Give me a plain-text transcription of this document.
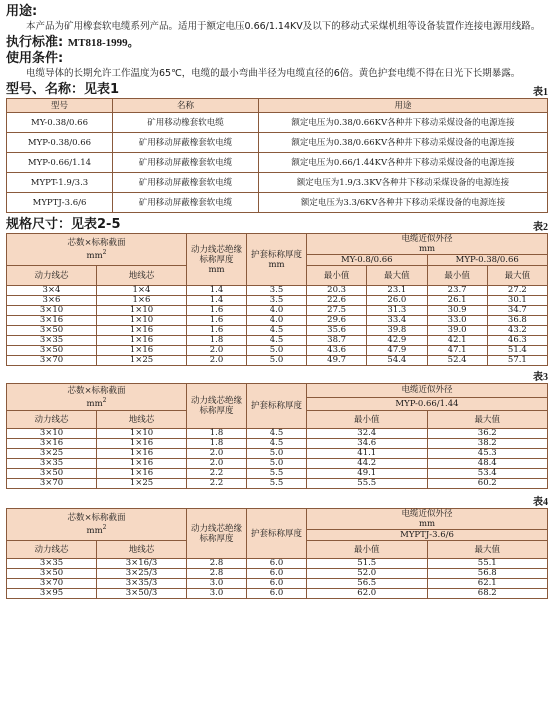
用途:
本产品为矿用橡套软电缆系列产品。适用于额定电压0.66/1.14KV及以下的移动式采煤机组等设备装置作连接电源用线路。
执行标准: MT818-1999。
使用条件:
电缆导体的长期允许工作温度为65℃，电缆的最小弯曲半径为电缆直径的6倍。黄色护套电缆不得在日光下长期暴露。
型号、名称：见表1	表1
型号	名称	用途
MY-0.38/0.66	矿用移动橡套软电缆	额定电压为0.38/0.66KV各种井下移动采煤设备的电源连接
MYP-0.38/0.66	矿用移动屏蔽橡套软电缆	额定电压为0.38/0.66KV各种井下移动采煤设备的电源连接
MYP-0.66/1.14	矿用移动屏蔽橡套软电缆	额定电压为0.66/1.44KV各种井下移动采煤设备的电源连接
MYPT-1.9/3.3	矿用移动屏蔽橡套软电缆	额定电压为1.9/3.3KV各种井下移动采煤设备的电源连接
MYPTJ-3.6/6	矿用移动屏蔽橡套软电缆	额定电压为3.3/6KV各种井下移动采煤设备的电源连接
规格尺寸：见表2-5	表2
芯数×标称截面
$mm^2$		动力线芯绝缘标称厚度
mm	护套标称厚度
mm	电缆近似外径
mm			
				MY-0.8/0.66		MYP-0.38/0.66	
动力线芯	地线芯			最小值	最大值	最小值	最大值
3×4	1×4	1.4	3.5	20.3	23.1	23.7	27.2
3×6	1×6	1.4	3.5	22.6	26.0	26.1	30.1
3×10	1×10	1.6	4.0	27.5	31.3	30.9	34.7
3×16	1×10	1.6	4.0	29.6	33.4	33.0	36.8
3×50	1×16	1.6	4.5	35.6	39.8	39.0	43.2
3×35	1×16	1.8	4.5	38.7	42.9	42.1	46.3
3×50	1×16	2.0	5.0	43.6	47.9	47.1	51.4
3×70	1×25	2.0	5.0	49.7	54.4	52.4	57.1
表3
芯数×标称截面
$mm^2$		动力线芯绝缘标称厚度	护套标称厚度	电缆近似外径	
				MYP-0.66/1.44	
动力线芯	地线芯			最小值	最大值
3×10	1×10	1.8	4.5	32.4	36.2
3×16	1×16	1.8	4.5	34.6	38.2
3×25	1×16	2.0	5.0	41.1	45.3
3×35	1×16	2.0	5.0	44.2	48.4
3×50	1×16	2.2	5.5	49.1	53.4
3×70	1×25	2.2	5.5	55.5	60.2
表4
芯数×标称截面
$mm^2$		动力线芯绝缘标称厚度	护套标称厚度	电缆近似外径
mm	
				MYPTJ-3.6/6	
动力线芯	地线芯			最小值	最大值
3×35	3×16/3	2.8	6.0	51.5	55.1
3×50	3×25/3	2.8	6.0	52.0	56.8
3×70	3×35/3	3.0	6.0	56.5	62.1
3×95	3×50/3	3.0	6.0	62.0	68.2
